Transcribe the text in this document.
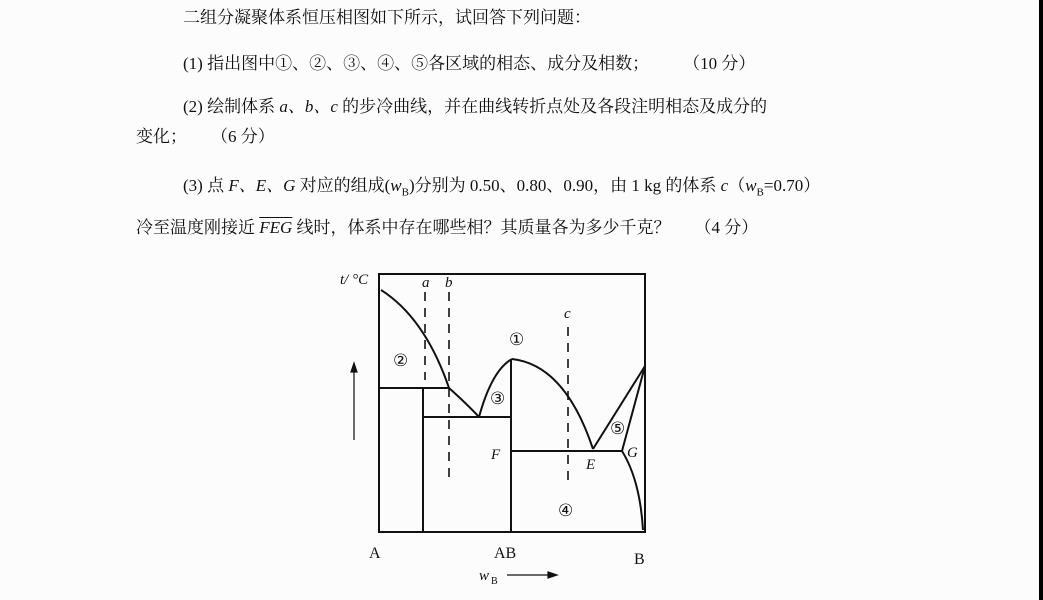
二组分凝聚体系恒压相图如下所示，试回答下列问题：
(1) 指出图中①、②、③、④、⑤各区域的相态、成分及相数； （10 分）
(2) 绘制体系 a、b、c 的步冷曲线，并在曲线转折点处及各段注明相态及成分的
变化； （6 分）
(3) 点 F、E、G 对应的组成$(w_B)$分别为 0.50、0.80、0.90，由 1 kg 的体系 $c(w_B=0.70)$
冷至温度刚接近 $\overline{FEG}$ 线时，体系中存在哪些相？其质量各为多少千克？ （4 分）
t/ °C	a b
c
①
②
③
④
⑤
F
E
G
A	AB	B
w B
